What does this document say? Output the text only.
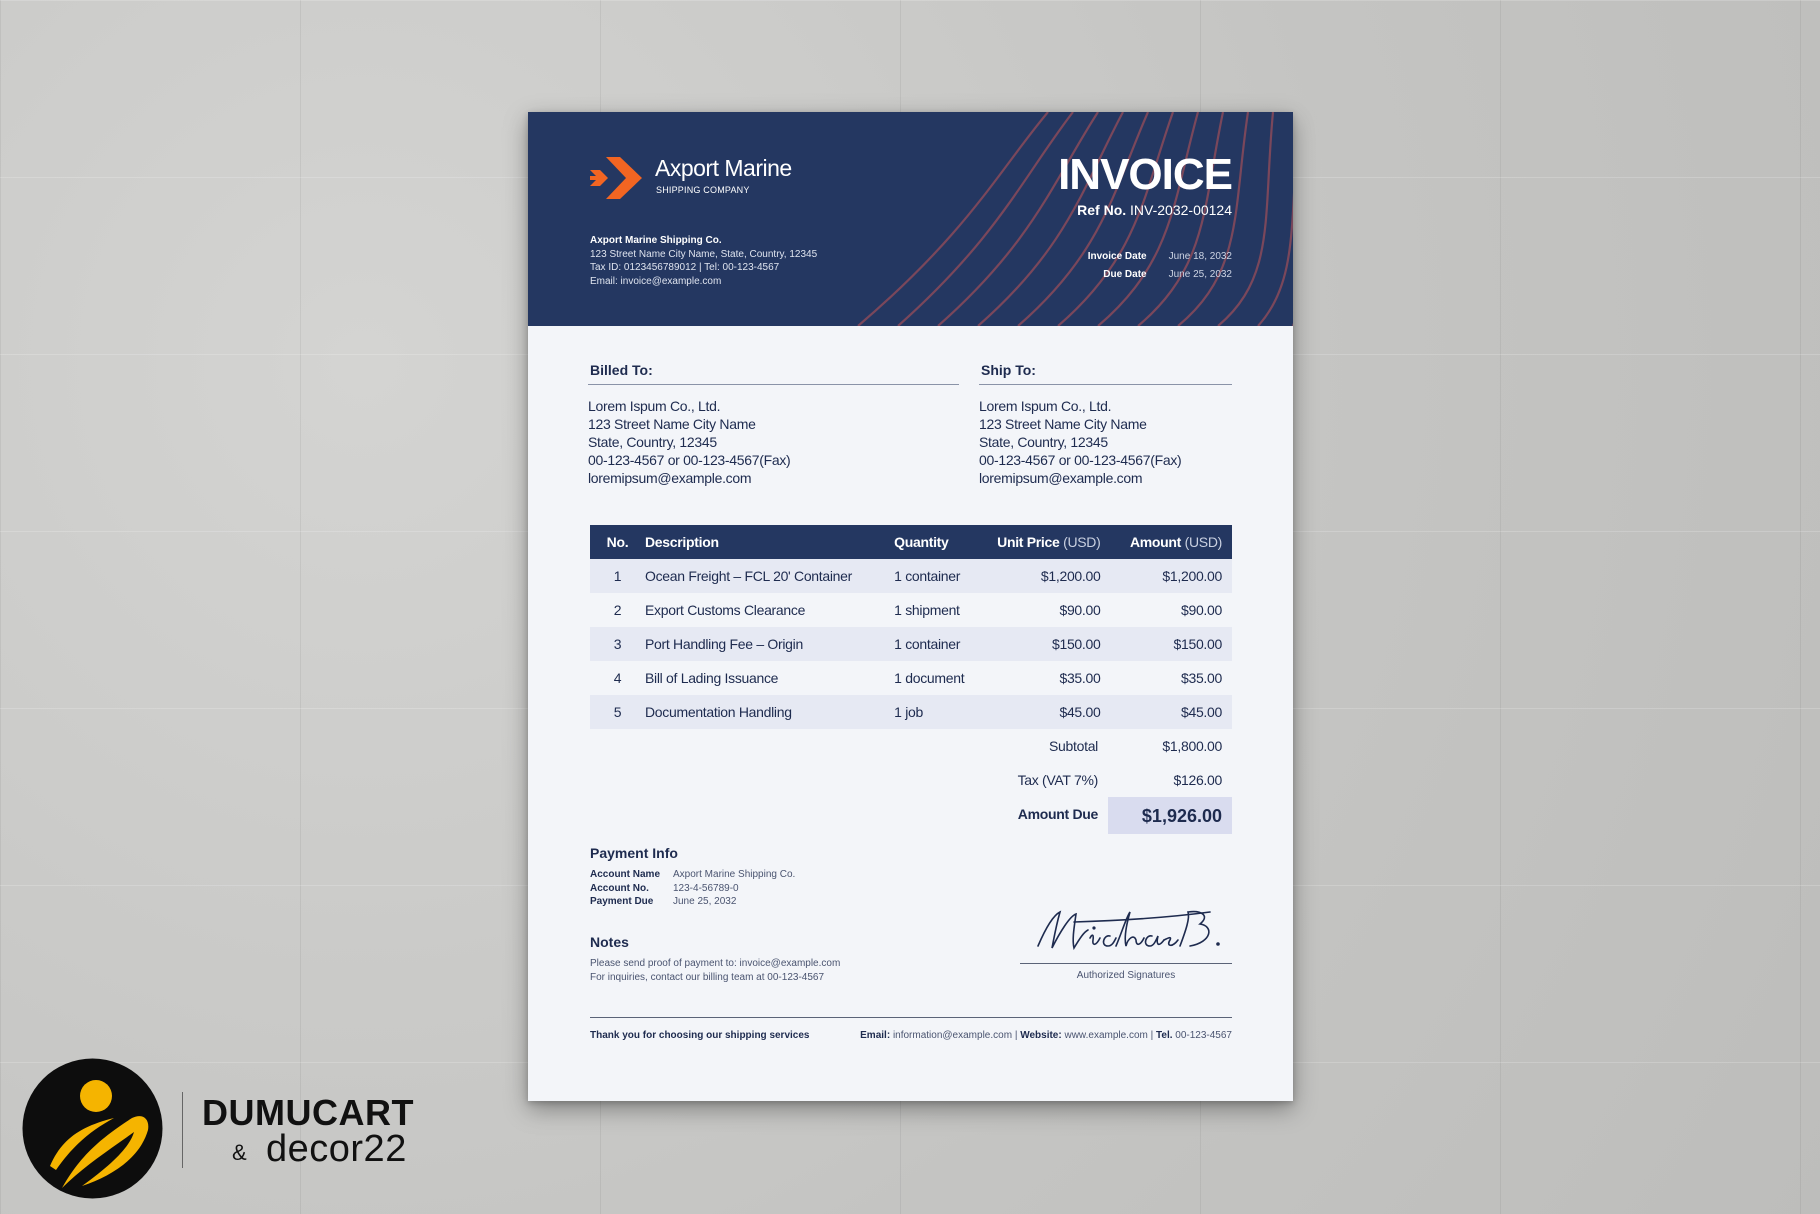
Axport Marine
SHIPPING COMPANY
Axport Marine Shipping Co.
123 Street Name City Name, State, Country, 12345
Tax ID: 0123456789012 | Tel: 00-123-4567
Email: invoice@example.com
INVOICE
Ref No. INV-2032-00124
Invoice Date June 18, 2032
Due Date June 25, 2032
Billed To:
Lorem Ispum Co., Ltd.
123 Street Name City Name
State, Country, 12345
00-123-4567 or 00-123-4567(Fax)
loremipsum@example.com
Ship To:
Lorem Ispum Co., Ltd.
123 Street Name City Name
State, Country, 12345
00-123-4567 or 00-123-4567(Fax)
loremipsum@example.com
No.	Description	Quantity	Unit Price (USD)	Amount (USD)
1	Ocean Freight – FCL 20' Container	1 container	$1,200.00	$1,200.00
2	Export Customs Clearance	1 shipment	$90.00	$90.00
3	Port Handling Fee – Origin	1 container	$150.00	$150.00
4	Bill of Lading Issuance	1 document	$35.00	$35.00
5	Documentation Handling	1 job	$45.00	$45.00
Subtotal	$1,800.00
Tax (VAT 7%)	$126.00
Amount Due $1,926.00
Payment Info
Account Name Axport Marine Shipping Co.
Account No. 123-4-56789-0
Payment Due June 25, 2032
Notes
Please send proof of payment to: invoice@example.com
For inquiries, contact our billing team at 00-123-4567	Authorized Signatures
Thank you for choosing our shipping services	Email: information@example.com | Website: www.example.com | Tel. 00-123-4567
DUMUCART
& decor22
